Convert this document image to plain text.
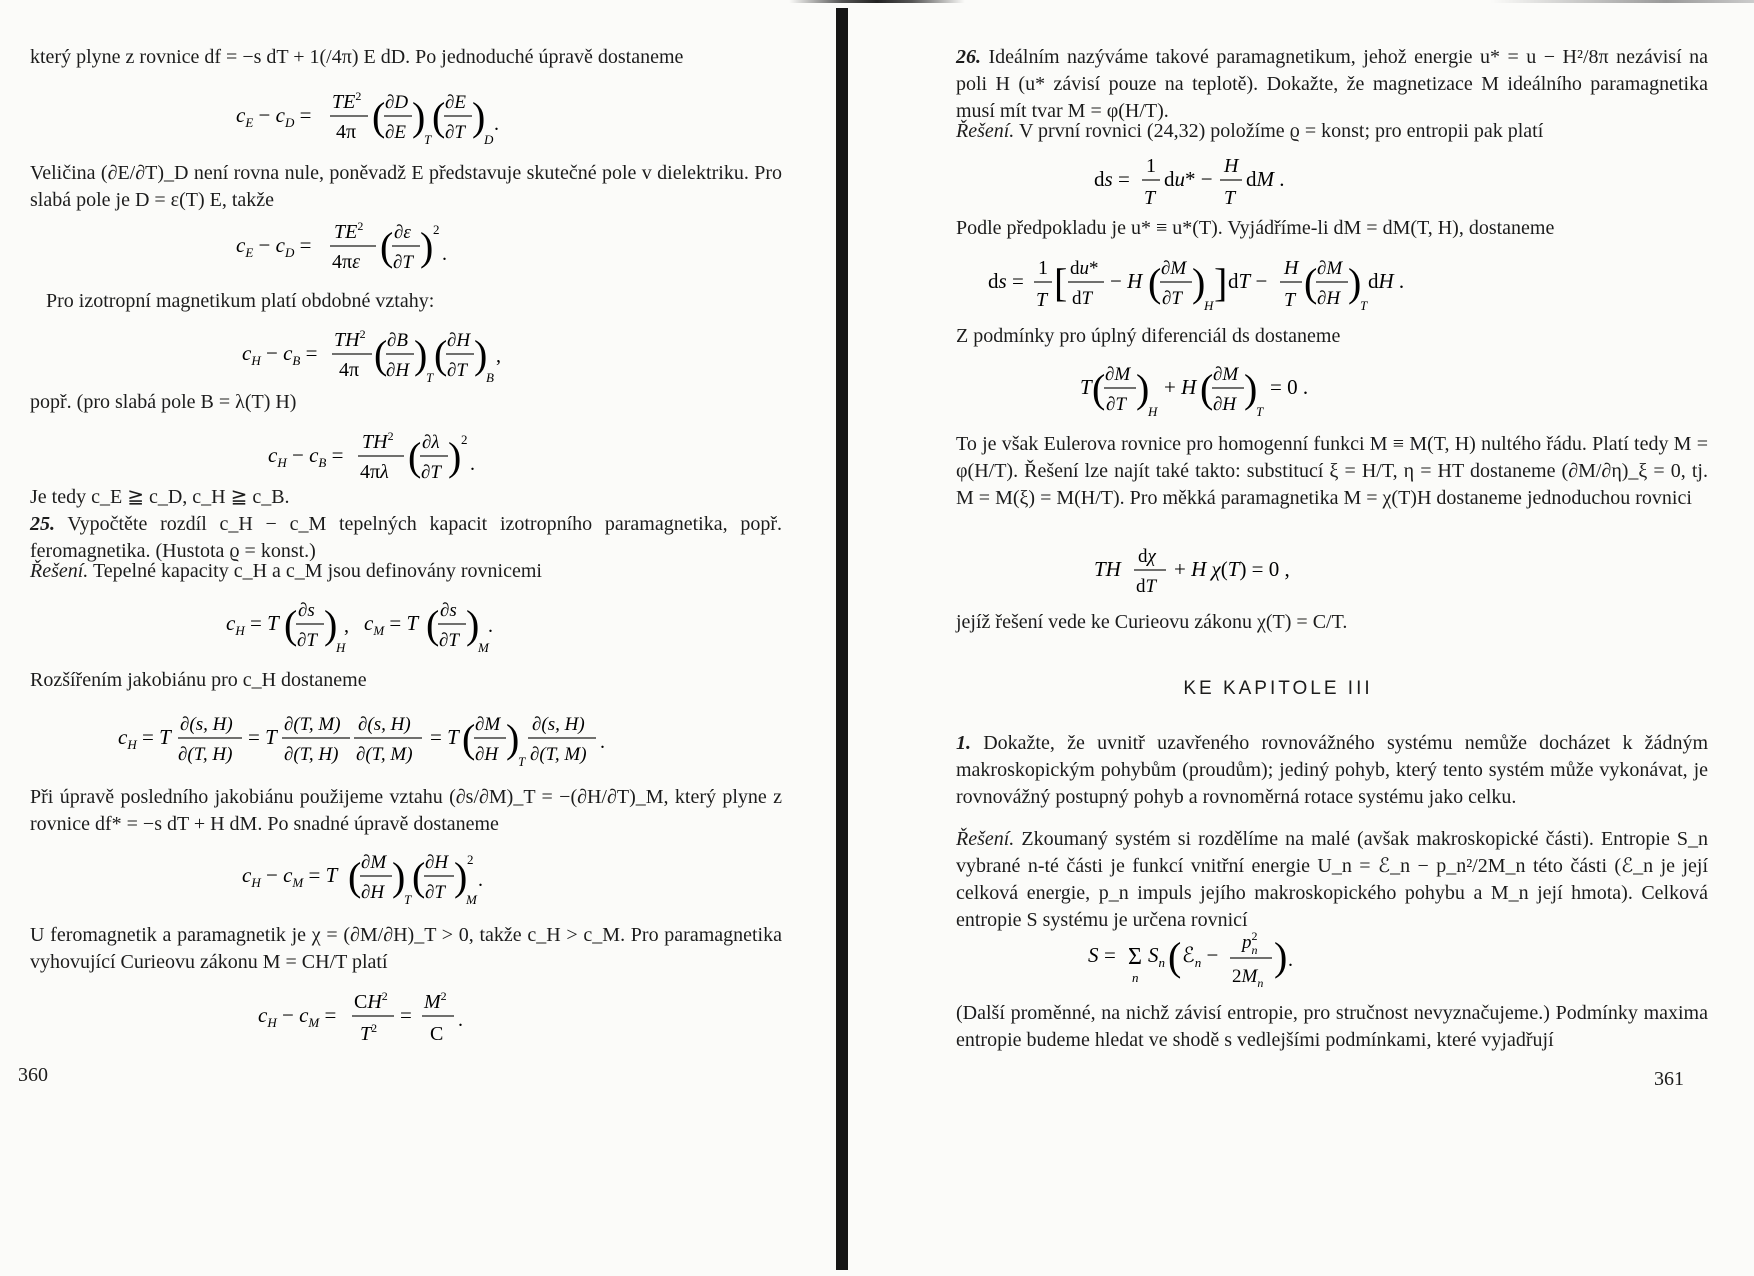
který plyne z rovnice df = −s dT + 1(/4π) E dD. Po jednoduché úpravě dostaneme

$c_E - c_D$ =
$TE^2$
4π ( ∂D
∂E )
T
( ∂E
∂T )
D
.

Veličina (∂E/∂T)_D není rovna nule, poněvadž E představuje skutečné pole v dielektriku. Pro slabá pole je D = ε(T) E, takže

$c_E - c_D$ =
$TE^2$
4πε ( ∂ε
∂T ) 2
.

Pro izotropní magnetikum platí obdobné vztahy:

$c_H - c_B$ =
$TH^2$
4π ( ∂B
∂H )
T
( ∂H
∂T )
B
,

popř. (pro slabá pole B = λ(T) H)

$c_H - c_B$ =
$TH^2$
4πλ ( ∂λ
∂T ) 2
.

Je tedy c_E ≧ c_D, c_H ≧ c_B.

25. Vypočtěte rozdíl c_H − c_M tepelných kapacit izotropního paramagnetika, popř. feromagnetika. (Hustota ϱ = konst.)

Řešení. Tepelné kapacity c_H a c_M jsou definovány rovnicemi

$c_H = T$ ( ∂s
∂T )
H
, $c_M = T$ ( ∂s
∂T )
M
.

Rozšířením jakobiánu pro c_H dostaneme

$c_H = T$
∂(s, H)
∂(T, H)
= T
∂(T, M)
∂(T, H)
∂(s, H)
∂(T, M)
= T ( ∂M
∂H )
T
∂(s, H)
∂(T, M)
.

Při úpravě posledního jakobiánu použijeme vztahu (∂s/∂M)_T = −(∂H/∂T)_M, který plyne z rovnice df* = −s dT + H dM. Po snadné úpravě dostaneme

$c_H - c_M = T$ ( ∂M
∂H )
T
( ∂H
∂T ) 2
M
.

U feromagnetik a paramagnetik je χ = (∂M/∂H)_T > 0, takže c_H > c_M. Pro paramagnetika vyhovující Curieovu zákonu M = CH/T platí

$c_H - c_M$ =
$CH^2$
$T^2$
=
$M^2$
C
.
360

26. Ideálním nazýváme takové paramagnetikum, jehož energie u* = u − H²/8π nezávisí na poli H (u* závisí pouze na teplotě). Dokažte, že magnetizace M ideálního paramagnetika musí mít tvar M = φ(H/T).

Řešení. V první rovnici (24,32) položíme ϱ = konst; pro entropii pak platí

ds =
1
T
du* −
H
T
dM .

Podle předpokladu je u* ≡ u*(T). Vyjádříme-li dM = dM(T, H), dostaneme

ds =
1
T [ du*
dT
− H ( ∂M
∂T )
H
] dT −
H
T ( ∂M
∂H )
T
dH .

Z podmínky pro úplný diferenciál ds dostaneme

T ( ∂M
∂T )
H
+ H ( ∂M
∂H )
T
= 0 .

To je však Eulerova rovnice pro homogenní funkci M ≡ M(T, H) nultého řádu. Platí tedy M = φ(H/T). Řešení lze najít také takto: substitucí ξ = H/T, η = HT dostaneme (∂M/∂η)_ξ = 0, tj. M = M(ξ) = M(H/T). Pro měkká paramagnetika M = χ(T)H dostaneme jednoduchou rovnici

TH
dχ
dT
+ H χ(T) = 0 ,

jejíž řešení vede ke Curieovu zákonu χ(T) = C/T.

KE KAPITOLE III

1. Dokažte, že uvnitř uzavřeného rovnovážného systému nemůže docházet k žádným makroskopickým pohybům (proudům); jediný pohyb, který tento systém může vykonávat, je rovnovážný postupný pohyb a rovnoměrná rotace systému jako celku.

Řešení. Zkoumaný systém si rozdělíme na malé (avšak makroskopické části). Entropie S_n vybrané n-té části je funkcí vnitřní energie U_n = ℰ_n − p_n²/2M_n této části (ℰ_n je její celková energie, p_n impuls jejího makroskopického pohybu a M_n její hmota). Celková entropie S systému je určena rovnicí

S = Σ
n
$S_n$ ( ℰ$_n$ −
$p^2$ n
$2M_n$
) .

(Další proměnné, na nichž závisí entropie, pro stručnost nevyznačujeme.) Podmínky maxima entropie budeme hledat ve shodě s vedlejšími podmínkami, které vyjadřují

361
